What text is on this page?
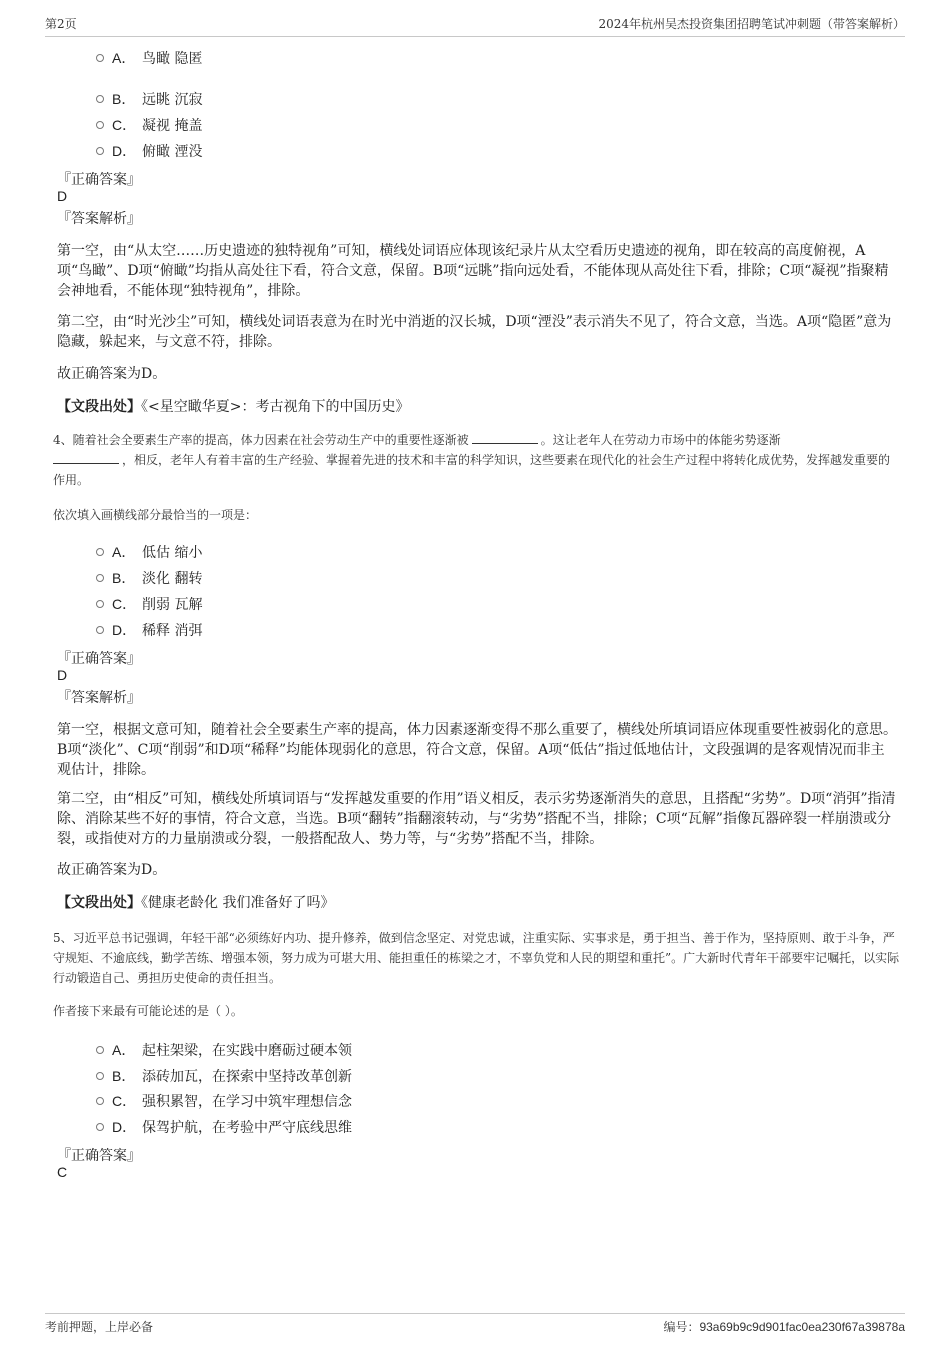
第2页	2024年杭州吴杰投资集团招聘笔试冲刺题（带答案解析）
A． 鸟瞰 隐匿
B． 远眺 沉寂
C． 凝视 掩盖
D． 俯瞰 湮没
『正确答案』
D
『答案解析』
第一空，由“从太空……历史遗迹的独特视角”可知，横线处词语应体现该纪录片从太空看历史遗迹的视角，即在较高的高度俯视，A项“鸟瞰”、D项“俯瞰”均指从高处往下看，符合文意，保留。B项“远眺”指向远处看，不能体现从高处往下看，排除；C项“凝视”指聚精会神地看，不能体现“独特视角”，排除。
第二空，由“时光沙尘”可知，横线处词语表意为在时光中消逝的汉长城，D项“湮没”表示消失不见了，符合文意，当选。A项“隐匿”意为隐藏，躲起来，与文意不符，排除。
故正确答案为D。
【文段出处】《<星空瞰华夏>：考古视角下的中国历史》
4、随着社会全要素生产率的提高，体力因素在社会劳动生产中的重要性逐渐被	。这让老年人在劳动力市场中的体能劣势逐渐
，相反，老年人有着丰富的生产经验、掌握着先进的技术和丰富的科学知识，这些要素在现代化的社会生产过程中将转化成优势，发挥越发重要的作用。
依次填入画横线部分最恰当的一项是：
A． 低估 缩小
B． 淡化 翻转
C． 削弱 瓦解
D． 稀释 消弭
『正确答案』
D
『答案解析』
第一空，根据文意可知，随着社会全要素生产率的提高，体力因素逐渐变得不那么重要了，横线处所填词语应体现重要性被弱化的意思。B项“淡化”、C项“削弱”和D项“稀释”均能体现弱化的意思，符合文意，保留。A项“低估”指过低地估计，文段强调的是客观情况而非主观估计，排除。
第二空，由“相反”可知，横线处所填词语与“发挥越发重要的作用”语义相反，表示劣势逐渐消失的意思，且搭配“劣势”。D项“消弭”指清除、消除某些不好的事情，符合文意，当选。B项“翻转”指翻滚转动，与“劣势”搭配不当，排除；C项“瓦解”指像瓦器碎裂一样崩溃或分裂，或指使对方的力量崩溃或分裂，一般搭配敌人、势力等，与“劣势”搭配不当，排除。
故正确答案为D。
【文段出处】《健康老龄化 我们准备好了吗》
5、习近平总书记强调，年轻干部“必须练好内功、提升修养，做到信念坚定、对党忠诚，注重实际、实事求是，勇于担当、善于作为，坚持原则、敢于斗争，严守规矩、不逾底线，勤学苦练、增强本领，努力成为可堪大用、能担重任的栋梁之才，不辜负党和人民的期望和重托”。广大新时代青年干部要牢记嘱托，以实际行动锻造自己、勇担历史使命的责任担当。
作者接下来最有可能论述的是（ ）。
A． 起柱架梁，在实践中磨砺过硬本领
B． 添砖加瓦，在探索中坚持改革创新
C． 强积累智，在学习中筑牢理想信念
D． 保驾护航，在考验中严守底线思维
『正确答案』
C
考前押题，上岸必备	编号：93a69b9c9d901fac0ea230f67a39878a
